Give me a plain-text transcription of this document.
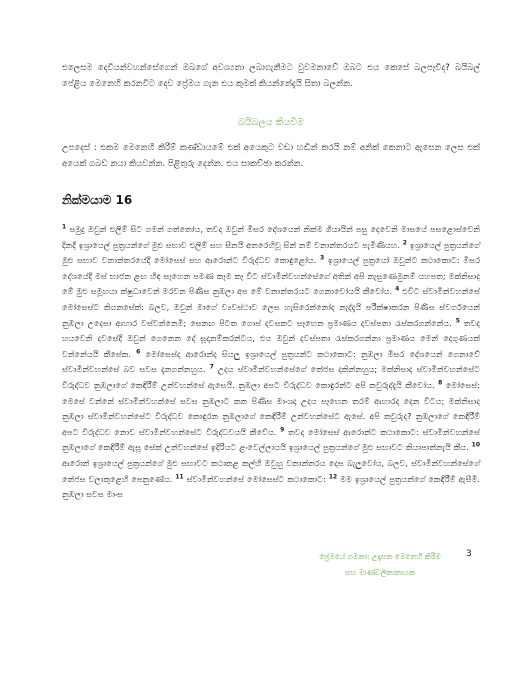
එලෙසම දෙවියන්වහන්සේගෙන් ඔබගේ අවශ්‍යතා ලබාගැනීමට වුවමනාවේ ඔබට එය කෙසේ බලපෑවිද? බයිබල් පේළිය මෙනෙහි කරනවිට දෙව ප්‍රේමය ගැන එය කුමක් කියන්නේදැයි සිතා බලන්න.

බයිබලය කියවීම

උපදෙස් : එකම මෙනෙහි කිරීම් කණ්ඩායමේ එක් අයෙකුට වඩා හඬින් කරයි නම් අනික් කෙනාට ඇසෙන ලෙස එක් අයෙක් ගබඩ නයා කියවන්න. පිළිතුරු දෙන්න. එය සාකච්ඡා කරන්න.

නික්මයාම 16

$^1$ සමුදු ඔවුන් එලිම් සිට ගමන් ගත්තෝය, තවද ඔවුන් මිසර දේශයෙන් නික්ම ගියායින් පසු දෙවෙනි මාසයේ පසළොස්වෙනි දිනදී ඉශ්‍රායෙල් පුත්‍රයන්ගේ මුළු සභාව එලිම් සහ සීනයි අතරෙහිවූ සින් නම් වනාන්තරයට පැමිණියහ. $^2$ ඉශ්‍රායෙල් පුත්‍රයන්ගේ මුළු සභාව වනාන්තරයේදී මෝසෙස් සහ ආරොන්ට විරුද්ධව කොඳුළෝය. $^3$ ඉශ්‍රායෙල් පුත්‍රයෝ ඔවුන්ට කථාකොට: මිසර දේශයේදී මස් භාජන ළඟ හිඳ සෑහෙන පමණ කෑම කෑ විට ස්වාමීන්වහන්සේගේ අතින් අපි නැසුණෙමුනම් යහපත; මක්නිසාද මේ මුළු සමූහයා ක්ෂුධාවෙන් මරවන පිණිස නුඹලා අප මේ වනාන්තරයට ගෙනාවෝයයි කීවෝය. $^4$ එවිට ස්වාමීන්වහන්සේ මෝසෙස්ට කියනසේක්: බලව, ඔවුන් මාගේ ව්‍යවස්ථාව ලෙස හැසිරෙන්නෝද නැද්දැයි පරීක්ෂාකරන පිණිස ස්වර්ගයෙන් නුඹලා උදෙසා ආහාර වස්වන්නෙමි; සෙනඟ පිටත ගොස් දවසකට සෑහෙන ප්‍රමාණය දවස්පතා රැස්කරගන්නේය. $^5$ තවද හයවෙනි දවසේදී ඔවුන් ගෙනෙන දේ සූදානම්කරන්ටය, එය ඔවුන් දවස්පතා රැස්කරගන්නා ප්‍රමාණය මෙන් දෙගුණයක් වන්නේයයි කීසේක. $^6$ මෝසෙස්ද ආරොන්ද සියලු ඉශ්‍රායෙල් පුත්‍රයන්ට කථාකොට: නුඹලා මිසර දේශයෙන් ගෙනාවේ ස්වාමීන්වහන්සේ බව සවස දැනගන්නහුය. $^7$ උදය ස්වාමීන්වහන්සේගේ තේජස දකින්නහුය; මක්නිසාද ස්වාමීන්වහන්සේට විරුද්ධව නුඹලාගේ කෙඳිරීම් උන්වහන්සේ ඇසෙයි. නුඹලා අපට විරුද්ධව කොඳුරන්ට අපි කවුරුද්දැයි කීවෝය. $^8$ මෝසෙස්: මෙසේ වන්නේ ස්වාමීන්වහන්සේ සවස නුඹලාට කන පිණිස මාංශද උදය සෑහෙන තරම් ආහාරද දෙන විටය; මක්නිසාද නුඹලා ස්වාමීන්වහන්සේට විරුද්ධව කොඳුරන නුඹලාගේ කෙඳිරීම් උන්වහන්සේට ඇසේ. අපි කවුරුද? නුඹලාගේ කෙඳිරීම් අපට විරුද්ධව නොව ස්වාමීන්වහන්සේට විරුද්ධවයයි කීවේය. $^9$ තවද මෝසෙස් ආරොන්ට කථාකොට: ස්වාමීන්වහන්සේ නුඹලාගේ කෙඳිරීම් ඇසූ සේක් උන්වහන්සේ ඉදිරියට ළංවෙල්ලායයි ඉශ්‍රායෙල් පුත්‍රයන්ගේ මුළු සභාවට කියාපාන්නැයි කීය. $^{10}$ ආරොන් ඉශ්‍රායෙල් පුත්‍රයන්ගේ මුළු සභාවට කථාකළ කල්හි ඔවුහු වනාන්තරය දෙස බැලුවෝය, බලව, ස්වාමීන්වහන්සේගේ තේජස වලාකුළෙහි පෙනුණේය. $^{11}$ ස්වාමීන්වහන්සේ මෝසෙස්ට කථාකොට: $^{12}$ මම ඉශ්‍රායෙල් පුත්‍රයන්ගේ කෙඳිරීම් ඇසීමි. නුඹලා සවස මාංස

ප්‍රේමයේ ගමනා: උදෑසන මෙනෙහි කිරීම
සහ මාණ්ඩලිකානායක
3
